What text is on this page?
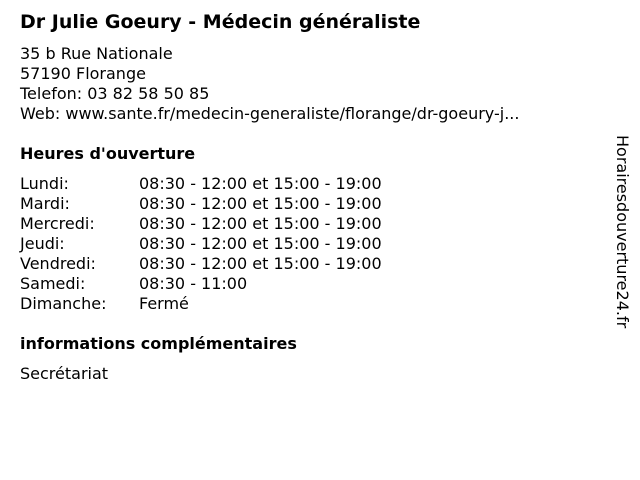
Dr Julie Goeury - Médecin généraliste
35 b Rue Nationale
57190 Florange
Telefon: 03 82 58 50 85
Web: www.sante.fr/medecin-generaliste/florange/dr-goeury-j...
Heures d'ouverture
Lundi:	08:30 - 12:00 et 15:00 - 19:00
Mardi:	08:30 - 12:00 et 15:00 - 19:00
Mercredi:	08:30 - 12:00 et 15:00 - 19:00
Jeudi:	08:30 - 12:00 et 15:00 - 19:00
Vendredi:	08:30 - 12:00 et 15:00 - 19:00
Samedi:	08:30 - 11:00
Dimanche: Fermé
informations complémentaires
Secrétariat
Horairesdouverture24.fr
